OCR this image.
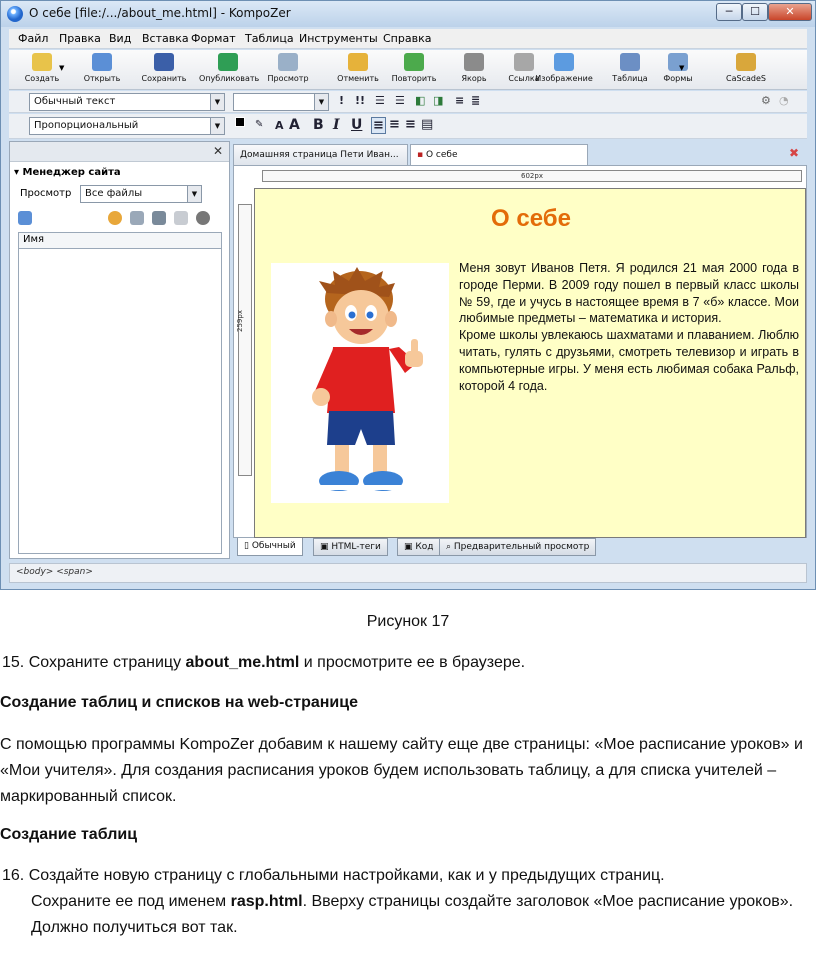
О себе [file:/.../about_me.html] - KompoZer	─	☐	✕
Файл Правка Вид Вставка Формат Таблица Инструменты Справка
Создать	Открыть	Сохранить	Опубликовать	Просмотр	Отменить	Повторить	Якорь	Ссылка
Изображение	Таблица	Формы	CaScadeS
▼	▼
Обычный текст	▼	▼	! !! ☰ ☰ ◧ ◨ ≡ ≣	⚙ ◔
Пропорциональный	▼	✎ A A B I U ≡ ≡ ≡ ▤
✕
▾ Менеджер сайта
Просмотр	Все файлы	▼
Имя
Домашняя страница Пети Иван...	▪ О себе	✖
602px
259px
О себе
Меня зовут Иванов Петя. Я родился 21 мая 2000 года в городе Перми. В 2009 году пошел в первый класс школы № 59, где и учусь в настоящее время в 7 «б» классе. Мои любимые предметы – математика и история.
Кроме школы увлекаюсь шахматами и плаванием. Люблю читать, гулять с друзьями, смотреть телевизор и играть в компьютерные игры. У меня есть любимая собака Ральф, которой 4 года.
▯ Обычный	▣ HTML-теги	▣ Код	⌕ Предварительный просмотр
<body> <span>

Рисунок 17

15. Сохраните страницу about_me.html и просмотрите ее в браузере.

Создание таблиц и списков на web-странице

С помощью программы KompoZer добавим к нашему сайту еще две страницы: «Мое расписание уроков» и «Мои учителя». Для создания расписания уроков будем использовать таблицу, а для списка учителей – маркированный список.

Создание таблиц

16. Создайте новую страницу с глобальными настройками, как и у предыдущих страниц.

Сохраните ее под именем rasp.html. Вверху страницы создайте заголовок «Мое расписание уроков». Должно получиться вот так.
